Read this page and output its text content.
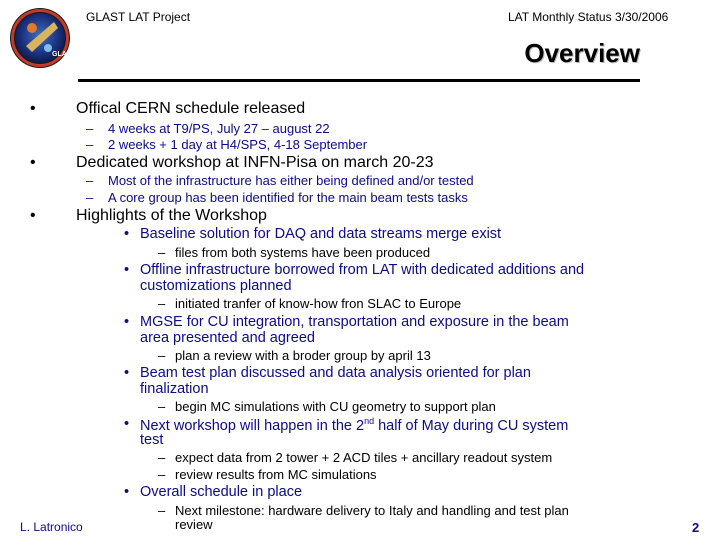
GLAST
GLAST LAT Project	LAT Monthly Status 3/30/2006
Overview
•	Offical CERN schedule released
– 4 weeks at T9/PS, July 27 – august 22
– 2 weeks + 1 day at H4/SPS, 4-18 September
•	Dedicated workshop at INFN-Pisa on march 20-23
– Most of the infrastructure has either being defined and/or tested
– A core group has been identified for the main beam tests tasks
•	Highlights of the Workshop
• Baseline solution for DAQ and data streams merge exist
– files from both systems have been produced
• Offline infrastructure borrowed from LAT with dedicated additions and
customizations planned
– initiated tranfer of know-how fron SLAC to Europe
• MGSE for CU integration, transportation and exposure in the beam
area presented and agreed
– plan a review with a broder group by april 13
• Beam test plan discussed and data analysis oriented for plan
finalization
– begin MC simulations with CU geometry to support plan
• Next workshop will happen in the 2nd half of May during CU system
test
– expect data from 2 tower + 2 ACD tiles + ancillary readout system
– review results from MC simulations
• Overall schedule in place
– Next milestone: hardware delivery to Italy and handling and test plan
review
L. Latronico	2
